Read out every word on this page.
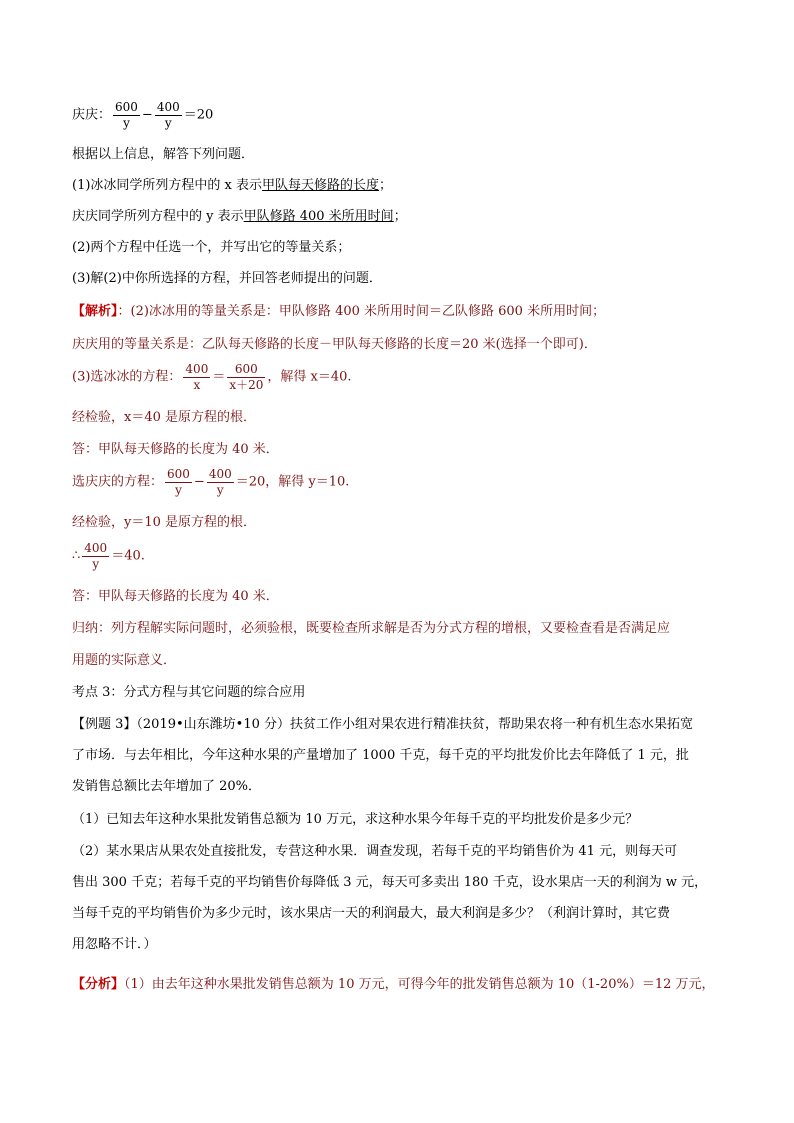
庆庆： $\frac{600}{y} - \frac{400}{y} =20$
根据以上信息，解答下列问题．
(1)冰冰同学所列方程中的 x 表示甲队每天修路的长度；
庆庆同学所列方程中的 y 表示甲队修路 400 米所用时间；
(2)两个方程中任选一个，并写出它的等量关系；
(3)解(2)中你所选择的方程，并回答老师提出的问题．
【解析】：(2)冰冰用的等量关系是：甲队修路 400 米所用时间＝乙队修路 600 米所用时间；
庆庆用的等量关系是：乙队每天修路的长度－甲队每天修路的长度＝20 米(选择一个即可)．
(3)选冰冰的方程： $\frac{400}{x} = \frac{600}{x+20}$ ，解得 x＝40.
经检验，x＝40 是原方程的根．
答：甲队每天修路的长度为 40 米．
选庆庆的方程： $\frac{600}{y} - \frac{400}{y} =20$，解得 y＝10.
经检验，y＝10 是原方程的根．
∴ $\frac{400}{y} =40$.
答：甲队每天修路的长度为 40 米．
归纳：列方程解实际问题时，必须验根，既要检查所求解是否为分式方程的增根，又要检查看是否满足应
用题的实际意义．
考点 3：分式方程与其它问题的综合应用
【例题 3】（2019•山东潍坊•10 分）扶贫工作小组对果农进行精准扶贫，帮助果农将一种有机生态水果拓宽
了市场．与去年相比，今年这种水果的产量增加了 1000 千克，每千克的平均批发价比去年降低了 1 元，批
发销售总额比去年增加了 20%．
（1）已知去年这种水果批发销售总额为 10 万元，求这种水果今年每千克的平均批发价是多少元？
（2）某水果店从果农处直接批发，专营这种水果．调查发现，若每千克的平均销售价为 41 元，则每天可
售出 300 千克；若每千克的平均销售价每降低 3 元，每天可多卖出 180 千克，设水果店一天的利润为 w 元，
当每千克的平均销售价为多少元时，该水果店一天的利润最大，最大利润是多少？（利润计算时，其它费
用忽略不计．）
【分析】（1）由去年这种水果批发销售总额为 10 万元，可得今年的批发销售总额为 10（1-20%）＝12 万元，
